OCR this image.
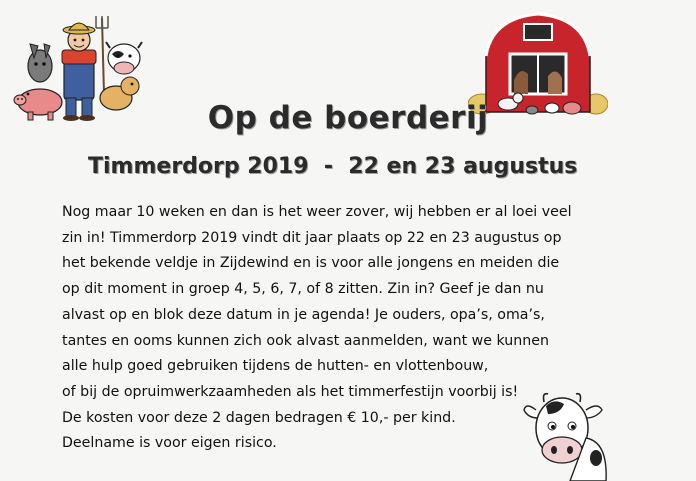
Op de boerderij
Timmerdorp 2019  -  22 en 23 augustus
Nog maar 10 weken en dan is het weer zover, wij hebben er al loei veel
zin in! Timmerdorp 2019 vindt dit jaar plaats op 22 en 23 augustus op
het bekende veldje in Zijdewind en is voor alle jongens en meiden die
op dit moment in groep 4, 5, 6, 7, of 8 zitten. Zin in? Geef je dan nu
alvast op en blok deze datum in je agenda! Je ouders, opa’s, oma’s,
tantes en ooms kunnen zich ook alvast aanmelden, want we kunnen
alle hulp goed gebruiken tijdens de hutten- en vlottenbouw,
of bij de opruimwerkzaamheden als het timmerfestijn voorbij is!
De kosten voor deze 2 dagen bedragen € 10,- per kind.
Deelname is voor eigen risico.
